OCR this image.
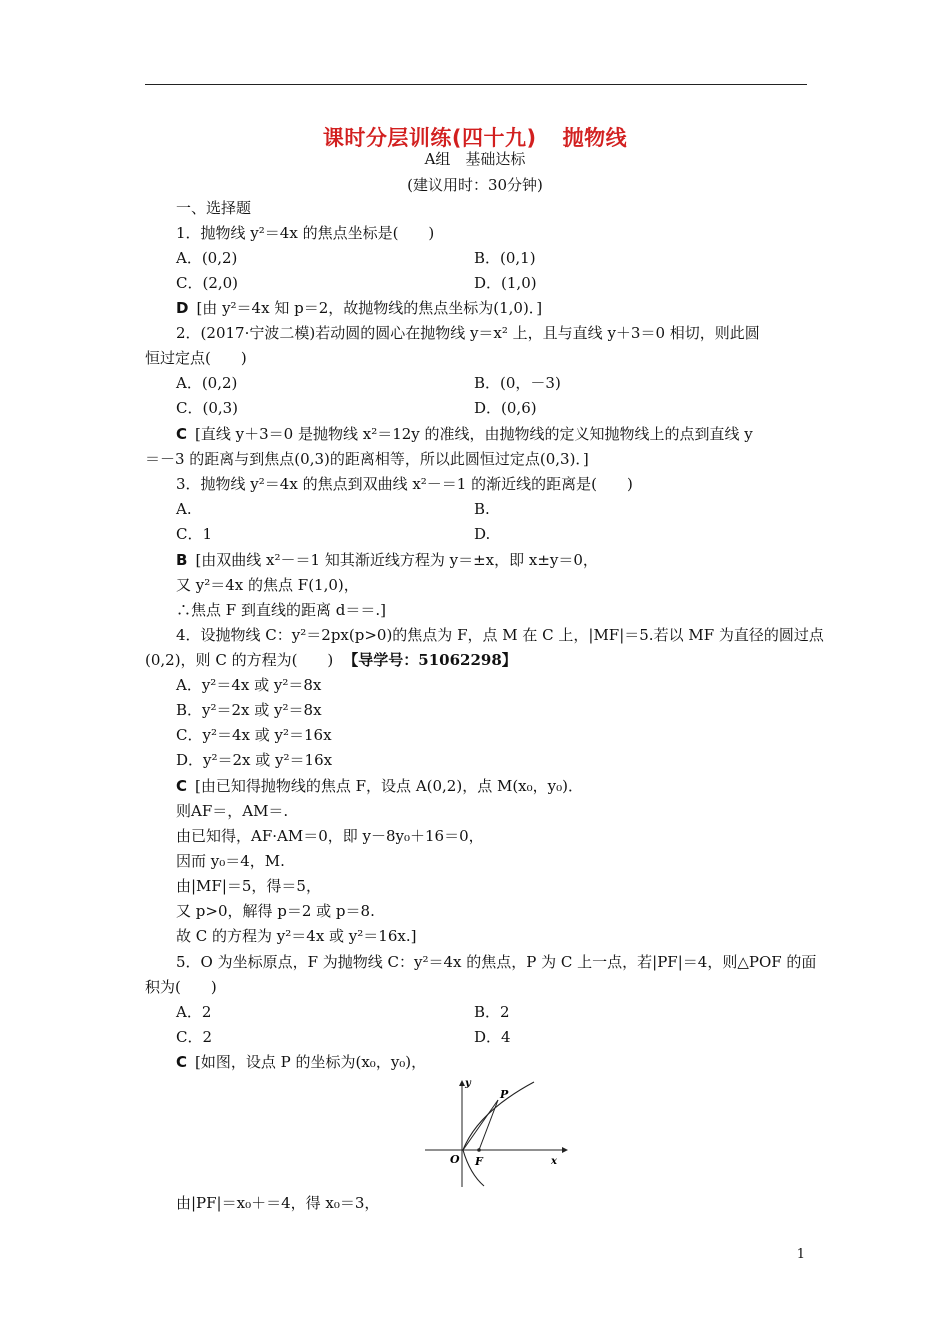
课时分层训练(四十九) 抛物线
A组　基础达标
(建议用时：30分钟)
一、选择题
1．抛物线 y²＝4x 的焦点坐标是(　　)
A．(0,2)	B．(0,1)
C．(2,0)	D．(1,0)
D [由 y²＝4x 知 p＝2，故抛物线的焦点坐标为(1,0)．]
2．(2017·宁波二模)若动圆的圆心在抛物线 y＝x² 上，且与直线 y＋3＝0 相切，则此圆
恒过定点(　　)
A．(0,2)	B．(0，－3)
C．(0,3)	D．(0,6)
C [直线 y＋3＝0 是抛物线 x²＝12y 的准线，由抛物线的定义知抛物线上的点到直线 y
＝－3 的距离与到焦点(0,3)的距离相等，所以此圆恒过定点(0,3)．]
3．抛物线 y²＝4x 的焦点到双曲线 x²－＝1 的渐近线的距离是(　　)
A.	B.
C．1	D.
B [由双曲线 x²－＝1 知其渐近线方程为 y＝±x，即 x±y＝0，
又 y²＝4x 的焦点 F(1,0)，
∴焦点 F 到直线的距离 d＝＝.]
4．设抛物线 C：y²＝2px(p>0)的焦点为 F，点 M 在 C 上，|MF|＝5.若以 MF 为直径的圆过点
(0,2)，则 C 的方程为(　　) 【导学号：51062298】
A．y²＝4x 或 y²＝8x
B．y²＝2x 或 y²＝8x
C．y²＝4x 或 y²＝16x
D．y²＝2x 或 y²＝16x
C [由已知得抛物线的焦点 F，设点 A(0,2)，点 M(x₀，y₀)．
则AF＝，AM＝.
由已知得，AF·AM＝0，即 y－8y₀＋16＝0，
因而 y₀＝4，M.
由|MF|＝5，得＝5，
又 p>0，解得 p＝2 或 p＝8.
故 C 的方程为 y²＝4x 或 y²＝16x.]
5．O 为坐标原点，F 为抛物线 C：y²＝4x 的焦点，P 为 C 上一点，若|PF|＝4，则△POF 的面
积为(　　)
A．2	B．2
C．2	D．4
C [如图，设点 P 的坐标为(x₀，y₀)，
y
x
P
O F
由|PF|＝x₀＋＝4，得 x₀＝3，
1
